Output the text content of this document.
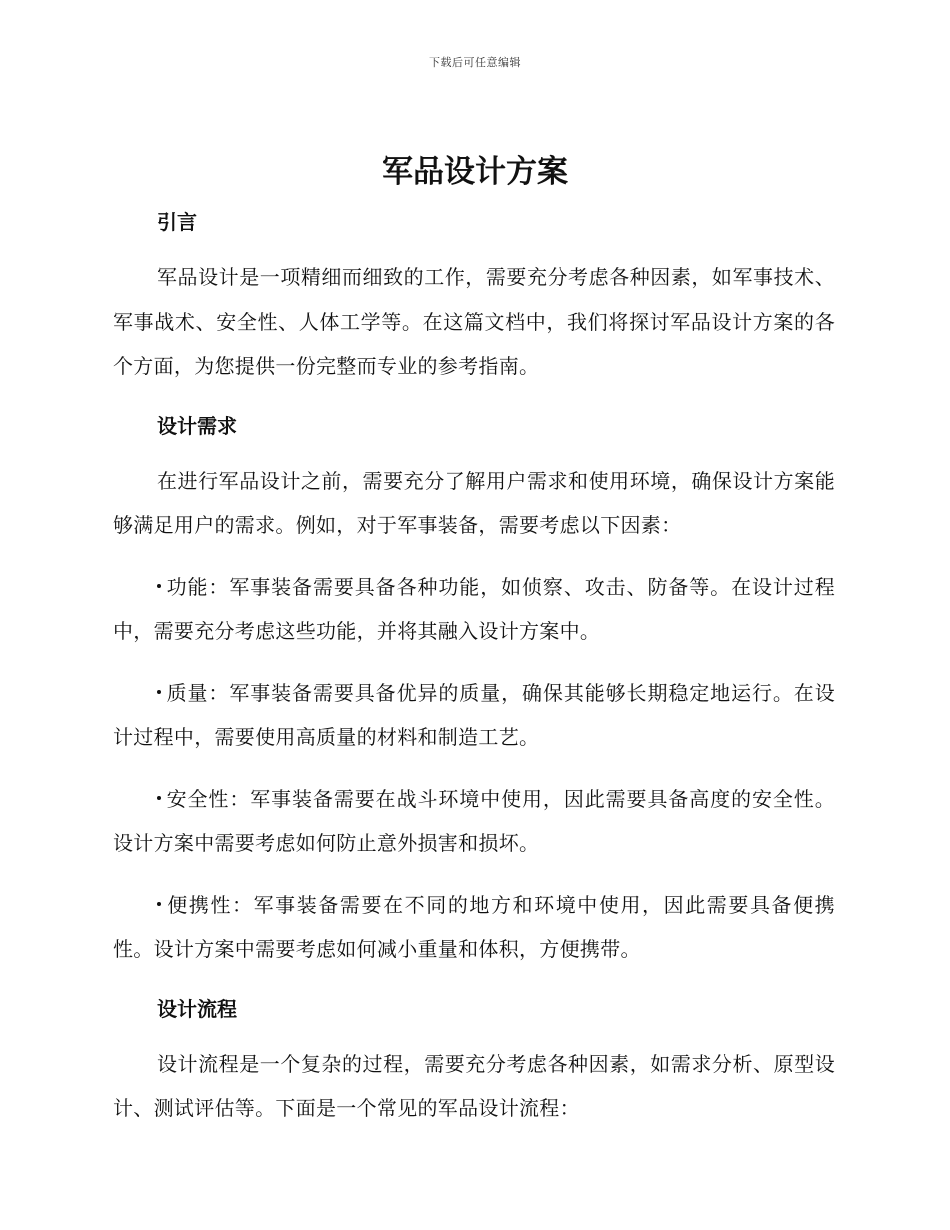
下载后可任意编辑
军品设计方案
引言

军品设计是一项精细而细致的工作，需要充分考虑各种因素，如军事技术、军事战术、安全性、人体工学等。在这篇文档中，我们将探讨军品设计方案的各个方面，为您提供一份完整而专业的参考指南。

设计需求

在进行军品设计之前，需要充分了解用户需求和使用环境，确保设计方案能够满足用户的需求。例如，对于军事装备，需要考虑以下因素：

功能：军事装备需要具备各种功能，如侦察、攻击、防备等。在设计过程中，需要充分考虑这些功能，并将其融入设计方案中。

质量：军事装备需要具备优异的质量，确保其能够长期稳定地运行。在设计过程中，需要使用高质量的材料和制造工艺。

安全性：军事装备需要在战斗环境中使用，因此需要具备高度的安全性。设计方案中需要考虑如何防止意外损害和损坏。

便携性：军事装备需要在不同的地方和环境中使用，因此需要具备便携性。设计方案中需要考虑如何减小重量和体积，方便携带。

设计流程

设计流程是一个复杂的过程，需要充分考虑各种因素，如需求分析、原型设计、测试评估等。下面是一个常见的军品设计流程：
